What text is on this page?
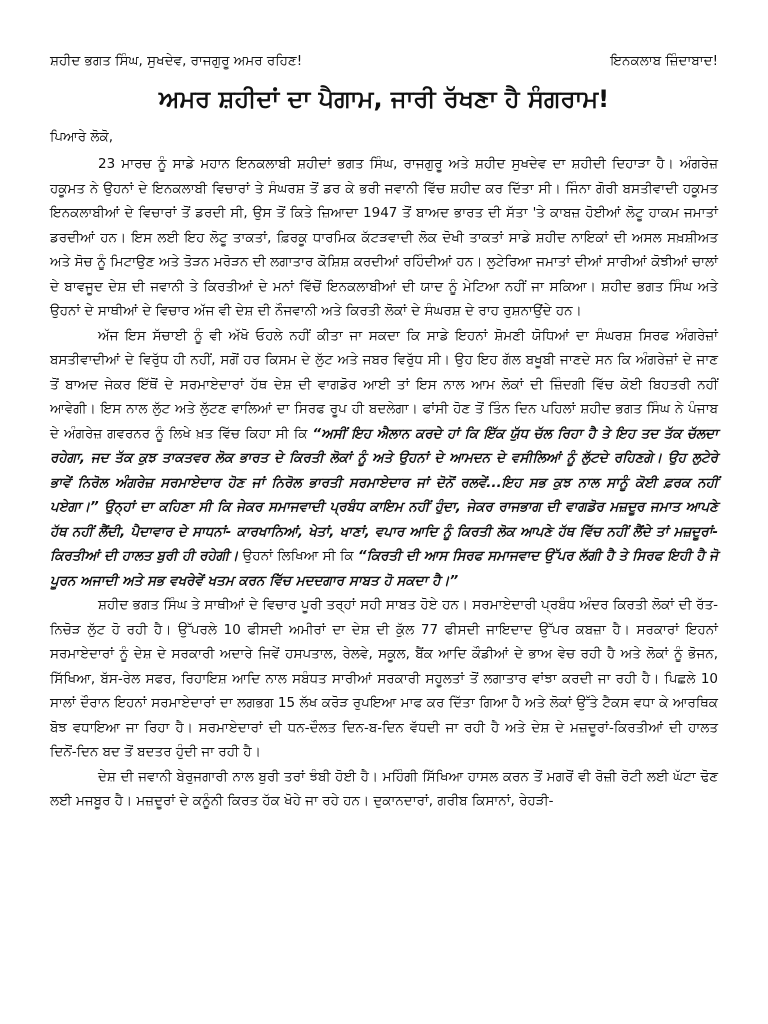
ਸ਼ਹੀਦ ਭਗਤ ਸਿੰਘ, ਸੁਖਦੇਵ, ਰਾਜਗੁਰੂ ਅਮਰ ਰਹਿਣ!	ਇਨਕਲਾਬ ਜ਼ਿੰਦਾਬਾਦ!
ਅਮਰ ਸ਼ਹੀਦਾਂ ਦਾ ਪੈਗਾਮ, ਜਾਰੀ ਰੱਖਣਾ ਹੈ ਸੰਗਰਾਮ!
ਪਿਆਰੇ ਲੋਕੋ,

23 ਮਾਰਚ ਨੂੰ ਸਾਡੇ ਮਹਾਨ ਇਨਕਲਾਬੀ ਸ਼ਹੀਦਾਂ ਭਗਤ ਸਿੰਘ, ਰਾਜਗੁਰੂ ਅਤੇ ਸ਼ਹੀਦ ਸੁਖਦੇਵ ਦਾ ਸ਼ਹੀਦੀ ਦਿਹਾੜਾ ਹੈ। ਅੰਗਰੇਜ਼ ਹਕੂਮਤ ਨੇ ਉਹਨਾਂ ਦੇ ਇਨਕਲਾਬੀ ਵਿਚਾਰਾਂ ਤੇ ਸੰਘਰਸ਼ ਤੋਂ ਡਰ ਕੇ ਭਰੀ ਜਵਾਨੀ ਵਿੱਚ ਸ਼ਹੀਦ ਕਰ ਦਿੱਤਾ ਸੀ। ਜਿੰਨਾ ਗੋਰੀ ਬਸਤੀਵਾਦੀ ਹਕੂਮਤ ਇਨਕਲਾਬੀਆਂ ਦੇ ਵਿਚਾਰਾਂ ਤੋਂ ਡਰਦੀ ਸੀ, ਉਸ ਤੋਂ ਕਿਤੇ ਜ਼ਿਆਦਾ 1947 ਤੋਂ ਬਾਅਦ ਭਾਰਤ ਦੀ ਸੱਤਾ 'ਤੇ ਕਾਬਜ਼ ਹੋਈਆਂ ਲੋਟੂ ਹਾਕਮ ਜਮਾਤਾਂ ਡਰਦੀਆਂ ਹਨ। ਇਸ ਲਈ ਇਹ ਲੋਟੂ ਤਾਕਤਾਂ, ਫ਼ਿਰਕੂ ਧਾਰਮਿਕ ਕੱਟੜਵਾਦੀ ਲੋਕ ਦੋਖੀ ਤਾਕਤਾਂ ਸਾਡੇ ਸ਼ਹੀਦ ਨਾਇਕਾਂ ਦੀ ਅਸਲ ਸਖ਼ਸ਼ੀਅਤ ਅਤੇ ਸੋਚ ਨੂੰ ਮਿਟਾਉਣ ਅਤੇ ਤੋੜਨ ਮਰੋੜਨ ਦੀ ਲਗਾਤਾਰ ਕੋਸ਼ਿਸ਼ ਕਰਦੀਆਂ ਰਹਿੰਦੀਆਂ ਹਨ। ਲੁਟੇਰਿਆ ਜਮਾਤਾਂ ਦੀਆਂ ਸਾਰੀਆਂ ਕੋਝੀਆਂ ਚਾਲਾਂ ਦੇ ਬਾਵਜੂਦ ਦੇਸ਼ ਦੀ ਜਵਾਨੀ ਤੇ ਕਿਰਤੀਆਂ ਦੇ ਮਨਾਂ ਵਿੱਚੋਂ ਇਨਕਲਾਬੀਆਂ ਦੀ ਯਾਦ ਨੂੰ ਮੇਟਿਆ ਨਹੀਂ ਜਾ ਸਕਿਆ। ਸ਼ਹੀਦ ਭਗਤ ਸਿੰਘ ਅਤੇ ਉਹਨਾਂ ਦੇ ਸਾਥੀਆਂ ਦੇ ਵਿਚਾਰ ਅੱਜ ਵੀ ਦੇਸ਼ ਦੀ ਨੌਜਵਾਨੀ ਅਤੇ ਕਿਰਤੀ ਲੋਕਾਂ ਦੇ ਸੰਘਰਸ਼ ਦੇ ਰਾਹ ਰੁਸ਼ਨਾਉਂਦੇ ਹਨ।

ਅੱਜ ਇਸ ਸੱਚਾਈ ਨੂੰ ਵੀ ਅੱਖੋ ਓਹਲੇ ਨਹੀਂ ਕੀਤਾ ਜਾ ਸਕਦਾ ਕਿ ਸਾਡੇ ਇਹਨਾਂ ਸ਼ੋਮਣੀ ਯੋਧਿਆਂ ਦਾ ਸੰਘਰਸ਼ ਸਿਰਫ ਅੰਗਰੇਜ਼ਾਂ ਬਸਤੀਵਾਦੀਆਂ ਦੇ ਵਿਰੁੱਧ ਹੀ ਨਹੀਂ, ਸਗੋਂ ਹਰ ਕਿਸਮ ਦੇ ਲੁੱਟ ਅਤੇ ਜਬਰ ਵਿਰੁੱਧ ਸੀ। ਉਹ ਇਹ ਗੱਲ ਬਖੂਬੀ ਜਾਣਦੇ ਸਨ ਕਿ ਅੰਗਰੇਜ਼ਾਂ ਦੇ ਜਾਣ ਤੋਂ ਬਾਅਦ ਜੇਕਰ ਇੱਥੋਂ ਦੇ ਸਰਮਾਏਦਾਰਾਂ ਹੱਥ ਦੇਸ਼ ਦੀ ਵਾਗਡੋਰ ਆਈ ਤਾਂ ਇਸ ਨਾਲ ਆਮ ਲੋਕਾਂ ਦੀ ਜ਼ਿੰਦਗੀ ਵਿੱਚ ਕੋਈ ਬਿਹਤਰੀ ਨਹੀਂ ਆਵੇਗੀ। ਇਸ ਨਾਲ ਲੁੱਟ ਅਤੇ ਲੁੱਟਣ ਵਾਲਿਆਂ ਦਾ ਸਿਰਫ ਰੂਪ ਹੀ ਬਦਲੇਗਾ। ਫਾਂਸੀ ਹੋਣ ਤੋਂ ਤਿੰਨ ਦਿਨ ਪਹਿਲਾਂ ਸ਼ਹੀਦ ਭਗਤ ਸਿੰਘ ਨੇ ਪੰਜਾਬ ਦੇ ਅੰਗਰੇਜ਼ ਗਵਰਨਰ ਨੂੰ ਲਿਖੇ ਖ਼ਤ ਵਿੱਚ ਕਿਹਾ ਸੀ ਕਿ “ਅਸੀਂ ਇਹ ਐਲਾਨ ਕਰਦੇ ਹਾਂ ਕਿ ਇੱਕ ਯੁੱਧ ਚੱਲ ਰਿਹਾ ਹੈ ਤੇ ਇਹ ਤਦ ਤੱਕ ਚੱਲਦਾ ਰਹੇਗਾ, ਜਦ ਤੱਕ ਕੁਝ ਤਾਕਤਵਰ ਲੋਕ ਭਾਰਤ ਦੇ ਕਿਰਤੀ ਲੋਕਾਂ ਨੂੰ ਅਤੇ ਉਹਨਾਂ ਦੇ ਆਮਦਨ ਦੇ ਵਸੀਲਿਆਂ ਨੂੰ ਲੁੱਟਦੇ ਰਹਿਣਗੇ। ਉਹ ਲੁਟੇਰੇ ਭਾਵੇਂ ਨਿਰੋਲ ਅੰਗਰੇਜ਼ ਸਰਮਾਏਦਾਰ ਹੋਣ ਜਾਂ ਨਿਰੋਲ ਭਾਰਤੀ ਸਰਮਾਏਦਾਰ ਜਾਂ ਦੋਨੋਂ ਰਲਵੇਂ...ਇਹ ਸਭ ਕੁਝ ਨਾਲ ਸਾਨੂੰ ਕੋਈ ਫ਼ਰਕ ਨਹੀਂ ਪਏਗਾ।” ਉਨ੍ਹਾਂ ਦਾ ਕਹਿਣਾ ਸੀ ਕਿ ਜੇਕਰ ਸਮਾਜਵਾਦੀ ਪ੍ਰਬੰਧ ਕਾਇਮ ਨਹੀਂ ਹੁੰਦਾ, ਜੇਕਰ ਰਾਜਭਾਗ ਦੀ ਵਾਗਡੋਰ ਮਜ਼ਦੂਰ ਜਮਾਤ ਆਪਣੇ ਹੱਥ ਨਹੀਂ ਲੈਂਦੀ, ਪੈਦਾਵਾਰ ਦੇ ਸਾਧਨਾਂ- ਕਾਰਖਾਨਿਆਂ, ਖੇਤਾਂ, ਖਾਣਾਂ, ਵਪਾਰ ਆਦਿ ਨੂੰ ਕਿਰਤੀ ਲੋਕ ਆਪਣੇ ਹੱਥ ਵਿੱਚ ਨਹੀਂ ਲੈਂਦੇ ਤਾਂ ਮਜ਼ਦੂਰਾਂ-ਕਿਰਤੀਆਂ ਦੀ ਹਾਲਤ ਬੁਰੀ ਹੀ ਰਹੇਗੀ। ਉਹਨਾਂ ਲਿਖਿਆ ਸੀ ਕਿ “ਕਿਰਤੀ ਦੀ ਆਸ ਸਿਰਫ ਸਮਾਜਵਾਦ ਉੱਪਰ ਲੱਗੀ ਹੈ ਤੇ ਸਿਰਫ ਇਹੀ ਹੈ ਜੋ ਪੂਰਨ ਅਜਾਦੀ ਅਤੇ ਸਭ ਵਖਰੇਵੇਂ ਖਤਮ ਕਰਨ ਵਿੱਚ ਮਦਦਗਾਰ ਸਾਬਤ ਹੋ ਸਕਦਾ ਹੈ।”

ਸ਼ਹੀਦ ਭਗਤ ਸਿੰਘ ਤੇ ਸਾਥੀਆਂ ਦੇ ਵਿਚਾਰ ਪੂਰੀ ਤਰ੍ਹਾਂ ਸਹੀ ਸਾਬਤ ਹੋਏ ਹਨ। ਸਰਮਾਏਦਾਰੀ ਪ੍ਰਬੰਧ ਅੰਦਰ ਕਿਰਤੀ ਲੋਕਾਂ ਦੀ ਰੱਤ-ਨਿਚੋੜ ਲੁੱਟ ਹੋ ਰਹੀ ਹੈ। ਉੱਪਰਲੇ 10 ਫੀਸਦੀ ਅਮੀਰਾਂ ਦਾ ਦੇਸ਼ ਦੀ ਕੁੱਲ 77 ਫੀਸਦੀ ਜਾਇਦਾਦ ਉੱਪਰ ਕਬਜ਼ਾ ਹੈ। ਸਰਕਾਰਾਂ ਇਹਨਾਂ ਸਰਮਾਏਦਾਰਾਂ ਨੂੰ ਦੇਸ਼ ਦੇ ਸਰਕਾਰੀ ਅਦਾਰੇ ਜਿਵੇਂ ਹਸਪਤਾਲ, ਰੇਲਵੇ, ਸਕੂਲ, ਬੈਂਕ ਆਦਿ ਕੌਡੀਆਂ ਦੇ ਭਾਅ ਵੇਚ ਰਹੀ ਹੈ ਅਤੇ ਲੋਕਾਂ ਨੂੰ ਭੋਜਨ, ਸਿੱਖਿਆ, ਬੱਸ-ਰੇਲ ਸਫਰ, ਰਿਹਾਇਸ਼ ਆਦਿ ਨਾਲ ਸਬੰਧਤ ਸਾਰੀਆਂ ਸਰਕਾਰੀ ਸਹੂਲਤਾਂ ਤੋਂ ਲਗਾਤਾਰ ਵਾਂਝਾ ਕਰਦੀ ਜਾ ਰਹੀ ਹੈ। ਪਿਛਲੇ 10 ਸਾਲਾਂ ਦੌਰਾਨ ਇਹਨਾਂ ਸਰਮਾਏਦਾਰਾਂ ਦਾ ਲਗਭਗ 15 ਲੱਖ ਕਰੋੜ ਰੁਪਇਆ ਮਾਫ ਕਰ ਦਿੱਤਾ ਗਿਆ ਹੈ ਅਤੇ ਲੋਕਾਂ ਉੱਤੇ ਟੈਕਸ ਵਧਾ ਕੇ ਆਰਥਿਕ ਬੋਝ ਵਧਾਇਆ ਜਾ ਰਿਹਾ ਹੈ। ਸਰਮਾਏਦਾਰਾਂ ਦੀ ਧਨ-ਦੌਲਤ ਦਿਨ-ਬ-ਦਿਨ ਵੱਧਦੀ ਜਾ ਰਹੀ ਹੈ ਅਤੇ ਦੇਸ਼ ਦੇ ਮਜ਼ਦੂਰਾਂ-ਕਿਰਤੀਆਂ ਦੀ ਹਾਲਤ ਦਿਨੋਂ-ਦਿਨ ਬਦ ਤੋਂ ਬਦਤਰ ਹੁੰਦੀ ਜਾ ਰਹੀ ਹੈ।

ਦੇਸ਼ ਦੀ ਜਵਾਨੀ ਬੇਰੁਜਗਾਰੀ ਨਾਲ ਬੁਰੀ ਤਰਾਂ ਝੰਬੀ ਹੋਈ ਹੈ। ਮਹਿੰਗੀ ਸਿੱਖਿਆ ਹਾਸਲ ਕਰਨ ਤੋਂ ਮਗਰੋਂ ਵੀ ਰੋਜ਼ੀ ਰੋਟੀ ਲਈ ਘੱਟਾ ਢੋਣ ਲਈ ਮਜਬੂਰ ਹੈ। ਮਜ਼ਦੂਰਾਂ ਦੇ ਕਨੂੰਨੀ ਕਿਰਤ ਹੱਕ ਖੋਹੇ ਜਾ ਰਹੇ ਹਨ। ਦੁਕਾਨਦਾਰਾਂ, ਗਰੀਬ ਕਿਸਾਨਾਂ, ਰੇਹੜੀ-
